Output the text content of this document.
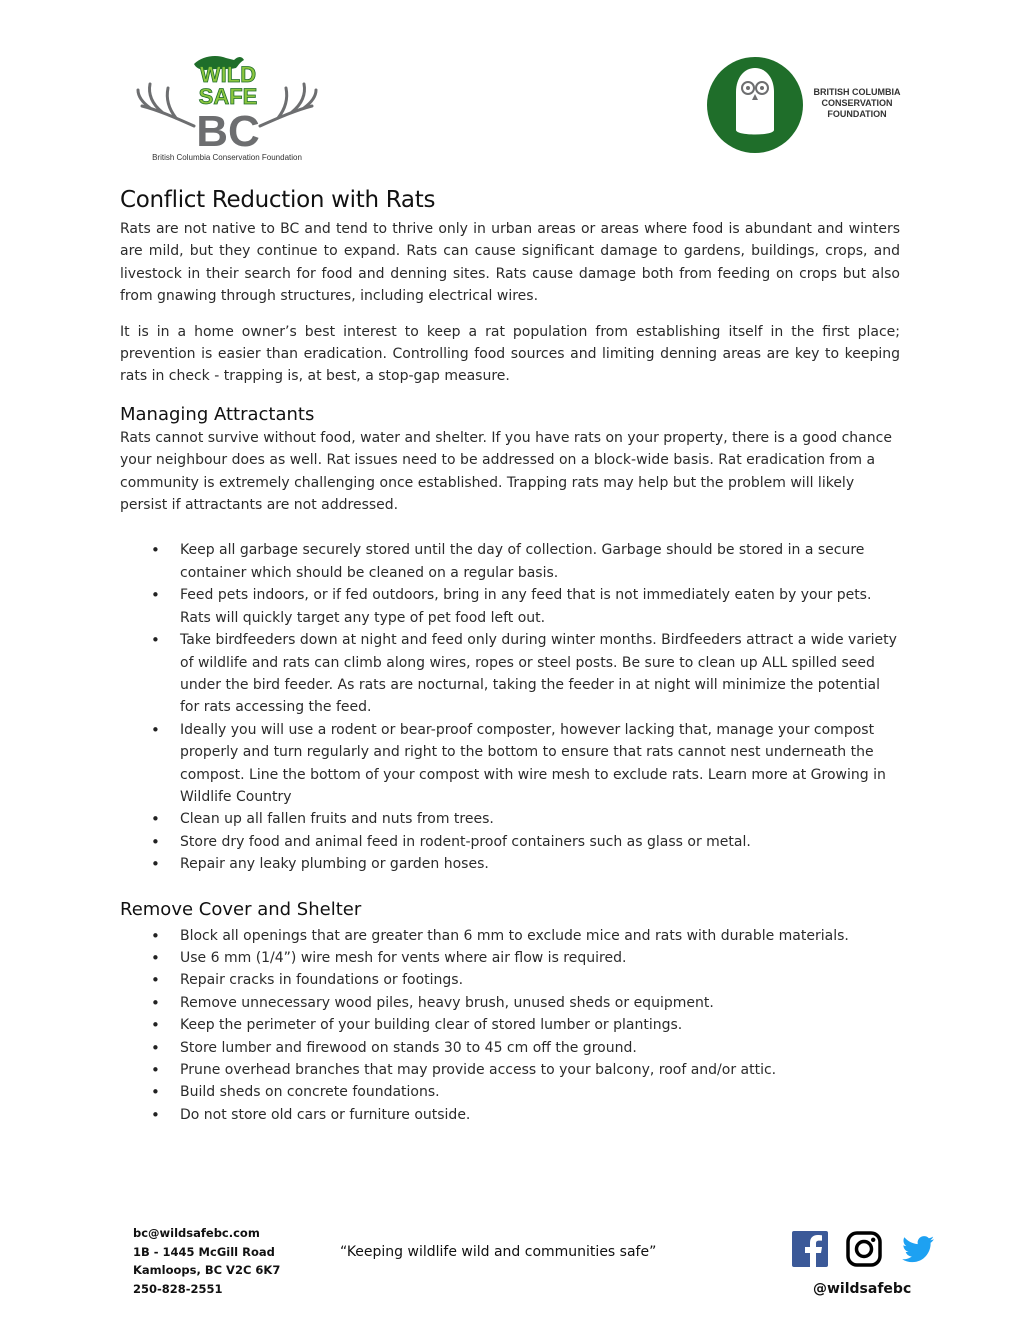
WILD
SAFE
BC
British Columbia Conservation Foundation
BRITISH COLUMBIA
CONSERVATION
FOUNDATION
Conflict Reduction with Rats

Rats are not native to BC and tend to thrive only in urban areas or areas where food is abundant and winters are mild, but they continue to expand. Rats can cause significant damage to gardens, buildings, crops, and livestock in their search for food and denning sites. Rats cause damage both from feeding on crops but also from gnawing through structures, including electrical wires.

It is in a home owner’s best interest to keep a rat population from establishing itself in the first place; prevention is easier than eradication. Controlling food sources and limiting denning areas are key to keeping rats in check - trapping is, at best, a stop-gap measure.

Managing Attractants

Rats cannot survive without food, water and shelter. If you have rats on your property, there is a good chance your neighbour does as well. Rat issues need to be addressed on a block-wide basis. Rat eradication from a community is extremely challenging once established. Trapping rats may help but the problem will likely persist if attractants are not addressed.

• Keep all garbage securely stored until the day of collection. Garbage should be stored in a secure container which should be cleaned on a regular basis.
• Feed pets indoors, or if fed outdoors, bring in any feed that is not immediately eaten by your pets. Rats will quickly target any type of pet food left out.
• Take birdfeeders down at night and feed only during winter months. Birdfeeders attract a wide variety of wildlife and rats can climb along wires, ropes or steel posts. Be sure to clean up ALL spilled seed under the bird feeder. As rats are nocturnal, taking the feeder in at night will minimize the potential for rats accessing the feed.
• Ideally you will use a rodent or bear-proof composter, however lacking that, manage your compost properly and turn regularly and right to the bottom to ensure that rats cannot nest underneath the compost. Line the bottom of your compost with wire mesh to exclude rats. Learn more at Growing in Wildlife Country
• Clean up all fallen fruits and nuts from trees.
• Store dry food and animal feed in rodent-proof containers such as glass or metal.
• Repair any leaky plumbing or garden hoses.
Remove Cover and Shelter
• Block all openings that are greater than 6 mm to exclude mice and rats with durable materials.
• Use 6 mm (1/4”) wire mesh for vents where air flow is required.
• Repair cracks in foundations or footings.
• Remove unnecessary wood piles, heavy brush, unused sheds or equipment.
• Keep the perimeter of your building clear of stored lumber or plantings.
• Store lumber and firewood on stands 30 to 45 cm off the ground.
• Prune overhead branches that may provide access to your balcony, roof and/or attic.
• Build sheds on concrete foundations.
• Do not store old cars or furniture outside.
bc@wildsafebc.com
1B - 1445 McGill Road
Kamloops, BC V2C 6K7
250-828-2551
“Keeping wildlife wild and communities safe”
@wildsafebc
